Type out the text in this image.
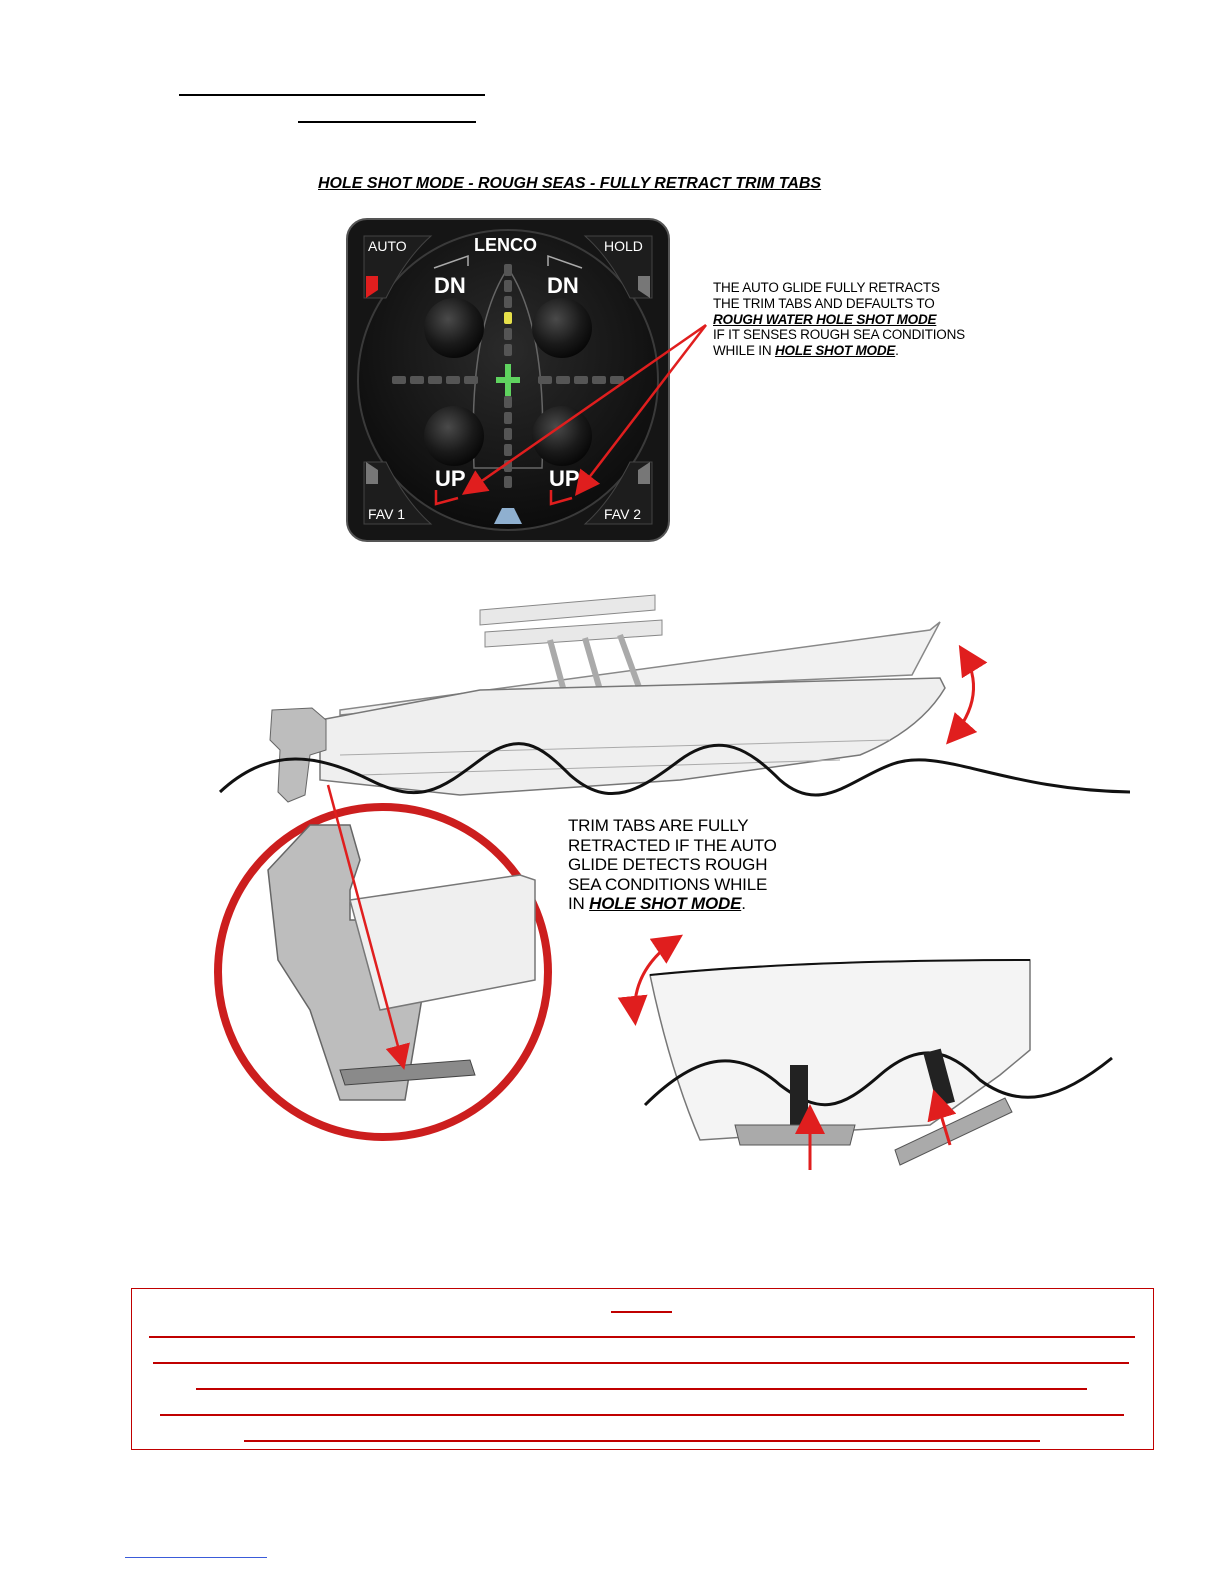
HOLE SHOT MODE - ROUGH SEAS - FULLY RETRACT TRIM TABS
AUTO	HOLD
LENCO
DN	DN
UP	UP
FAV 1	FAV 2
THE AUTO GLIDE FULLY RETRACTS
THE TRIM TABS AND DEFAULTS TO
ROUGH WATER HOLE SHOT MODE
IF IT SENSES ROUGH SEA CONDITIONS
WHILE IN HOLE SHOT MODE.
TRIM TABS ARE FULLY
RETRACTED IF THE AUTO
GLIDE DETECTS ROUGH
SEA CONDITIONS WHILE
IN HOLE SHOT MODE.
